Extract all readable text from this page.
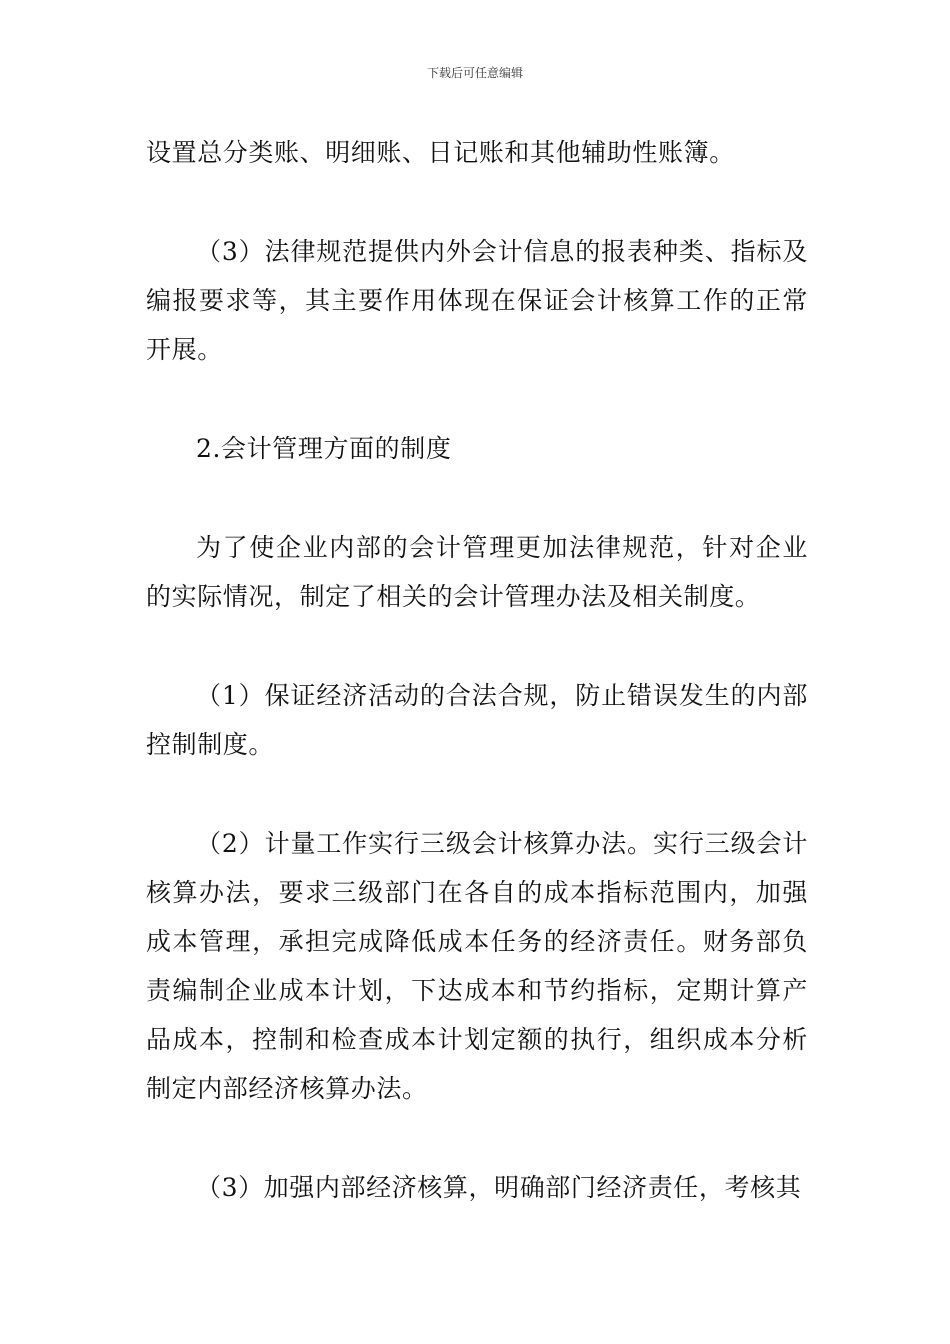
下载后可任意编辑

设置总分类账、明细账、日记账和其他辅助性账簿。

（3）法律规范提供内外会计信息的报表种类、指标及编报要求等，其主要作用体现在保证会计核算工作的正常开展。

2.会计管理方面的制度

为了使企业内部的会计管理更加法律规范，针对企业的实际情况，制定了相关的会计管理办法及相关制度。

（1）保证经济活动的合法合规，防止错误发生的内部控制制度。

（2）计量工作实行三级会计核算办法。实行三级会计核算办法，要求三级部门在各自的成本指标范围内，加强成本管理，承担完成降低成本任务的经济责任。财务部负责编制企业成本计划，下达成本和节约指标，定期计算产品成本，控制和检查成本计划定额的执行，组织成本分析制定内部经济核算办法。

（3）加强内部经济核算，明确部门经济责任，考核其
